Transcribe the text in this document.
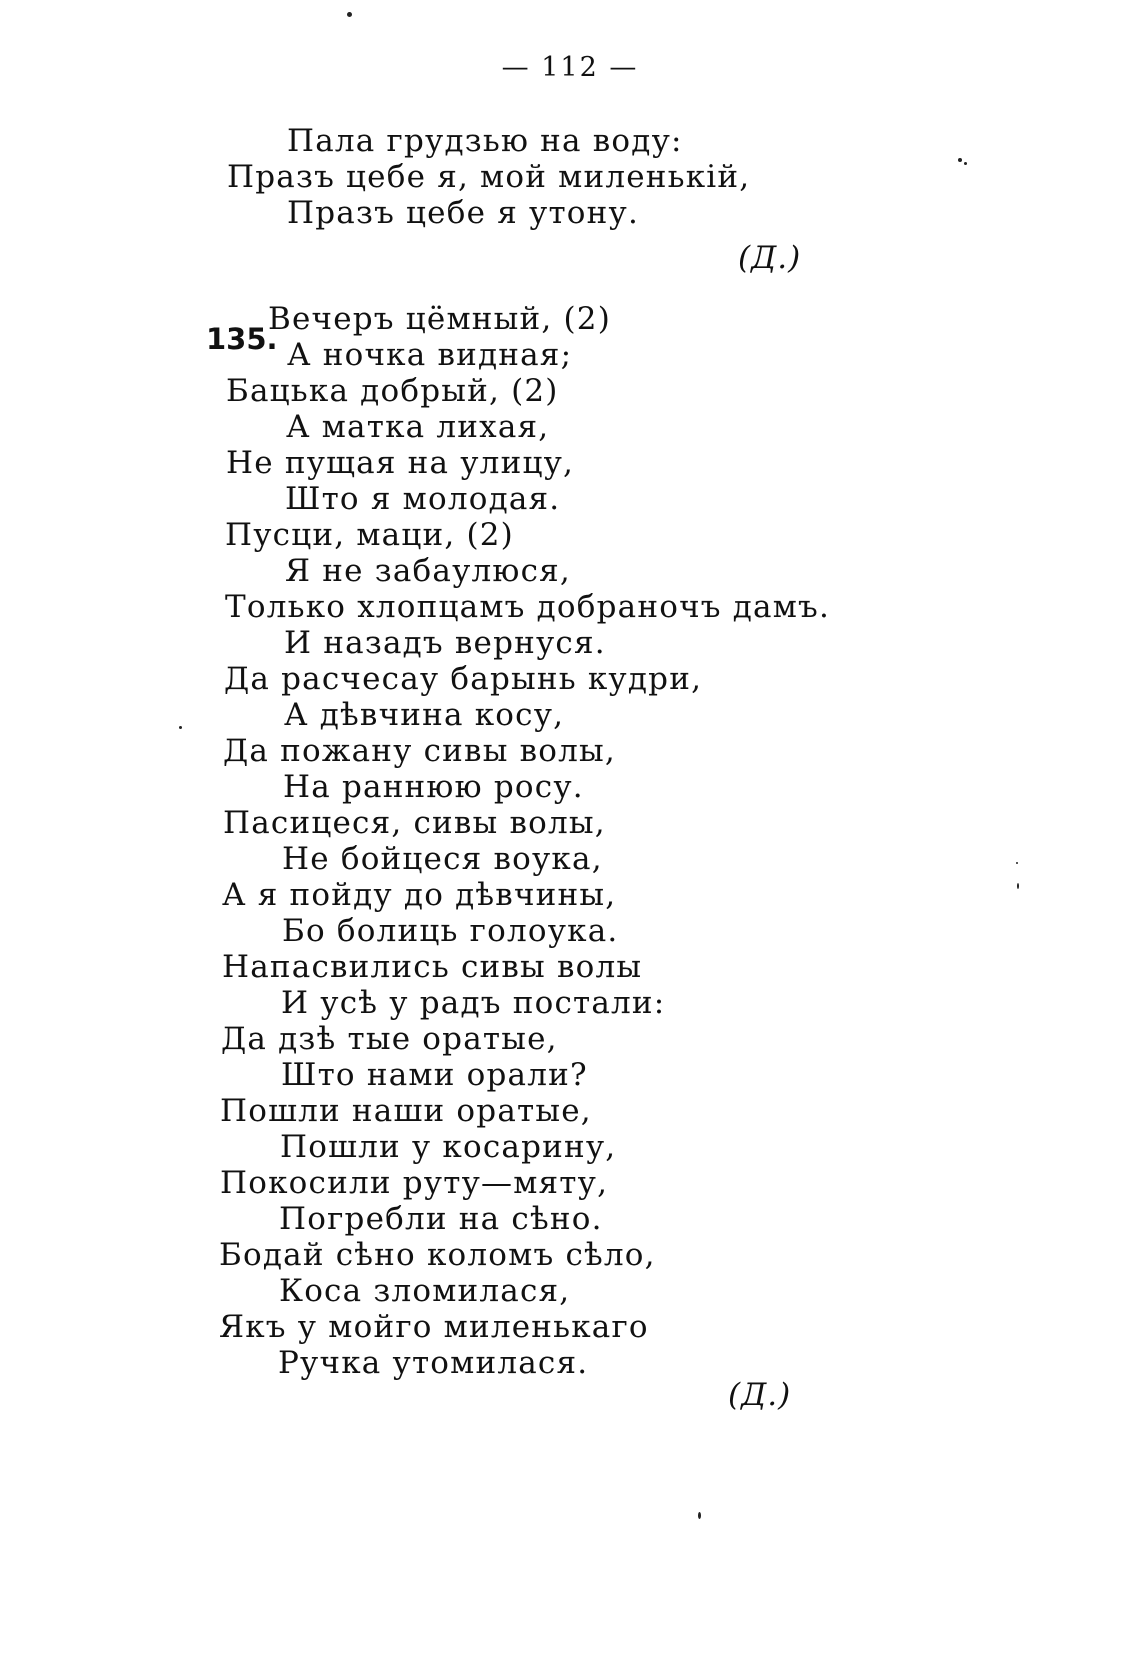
— 112 —
Пала грудзью на воду:
Празъ цебе я, мой миленькій,
Празъ цебе я утону.
(Д.)
135.
Вечеръ цёмный, (2)
А ночка видная;
Бацька добрый, (2)
А матка лихая,
Не пущая на улицу,
Што я молодая.
Пусци, маци, (2)
Я не забаулюся,
Только хлопцамъ добраночъ дамъ.
И назадъ вернуся.
Да расчесау барынь кудри,
А дѣвчина косу,
Да пожану сивы волы,
На раннюю росу.
Пасицеся, сивы волы,
Не бойцеся воука,
А я пойду до дѣвчины,
Бо болиць голоука.
Напасвились сивы волы
И усѣ у радъ постали:
Да дзѣ тые оратые,
Што нами орали?
Пошли наши оратые,
Пошли у косарину,
Покосили руту—мяту,
Погребли на сѣно.
Бодай сѣно коломъ сѣло,
Коса зломилася,
Якъ у мойго миленькаго
Ручка утомилася.
(Д.)
